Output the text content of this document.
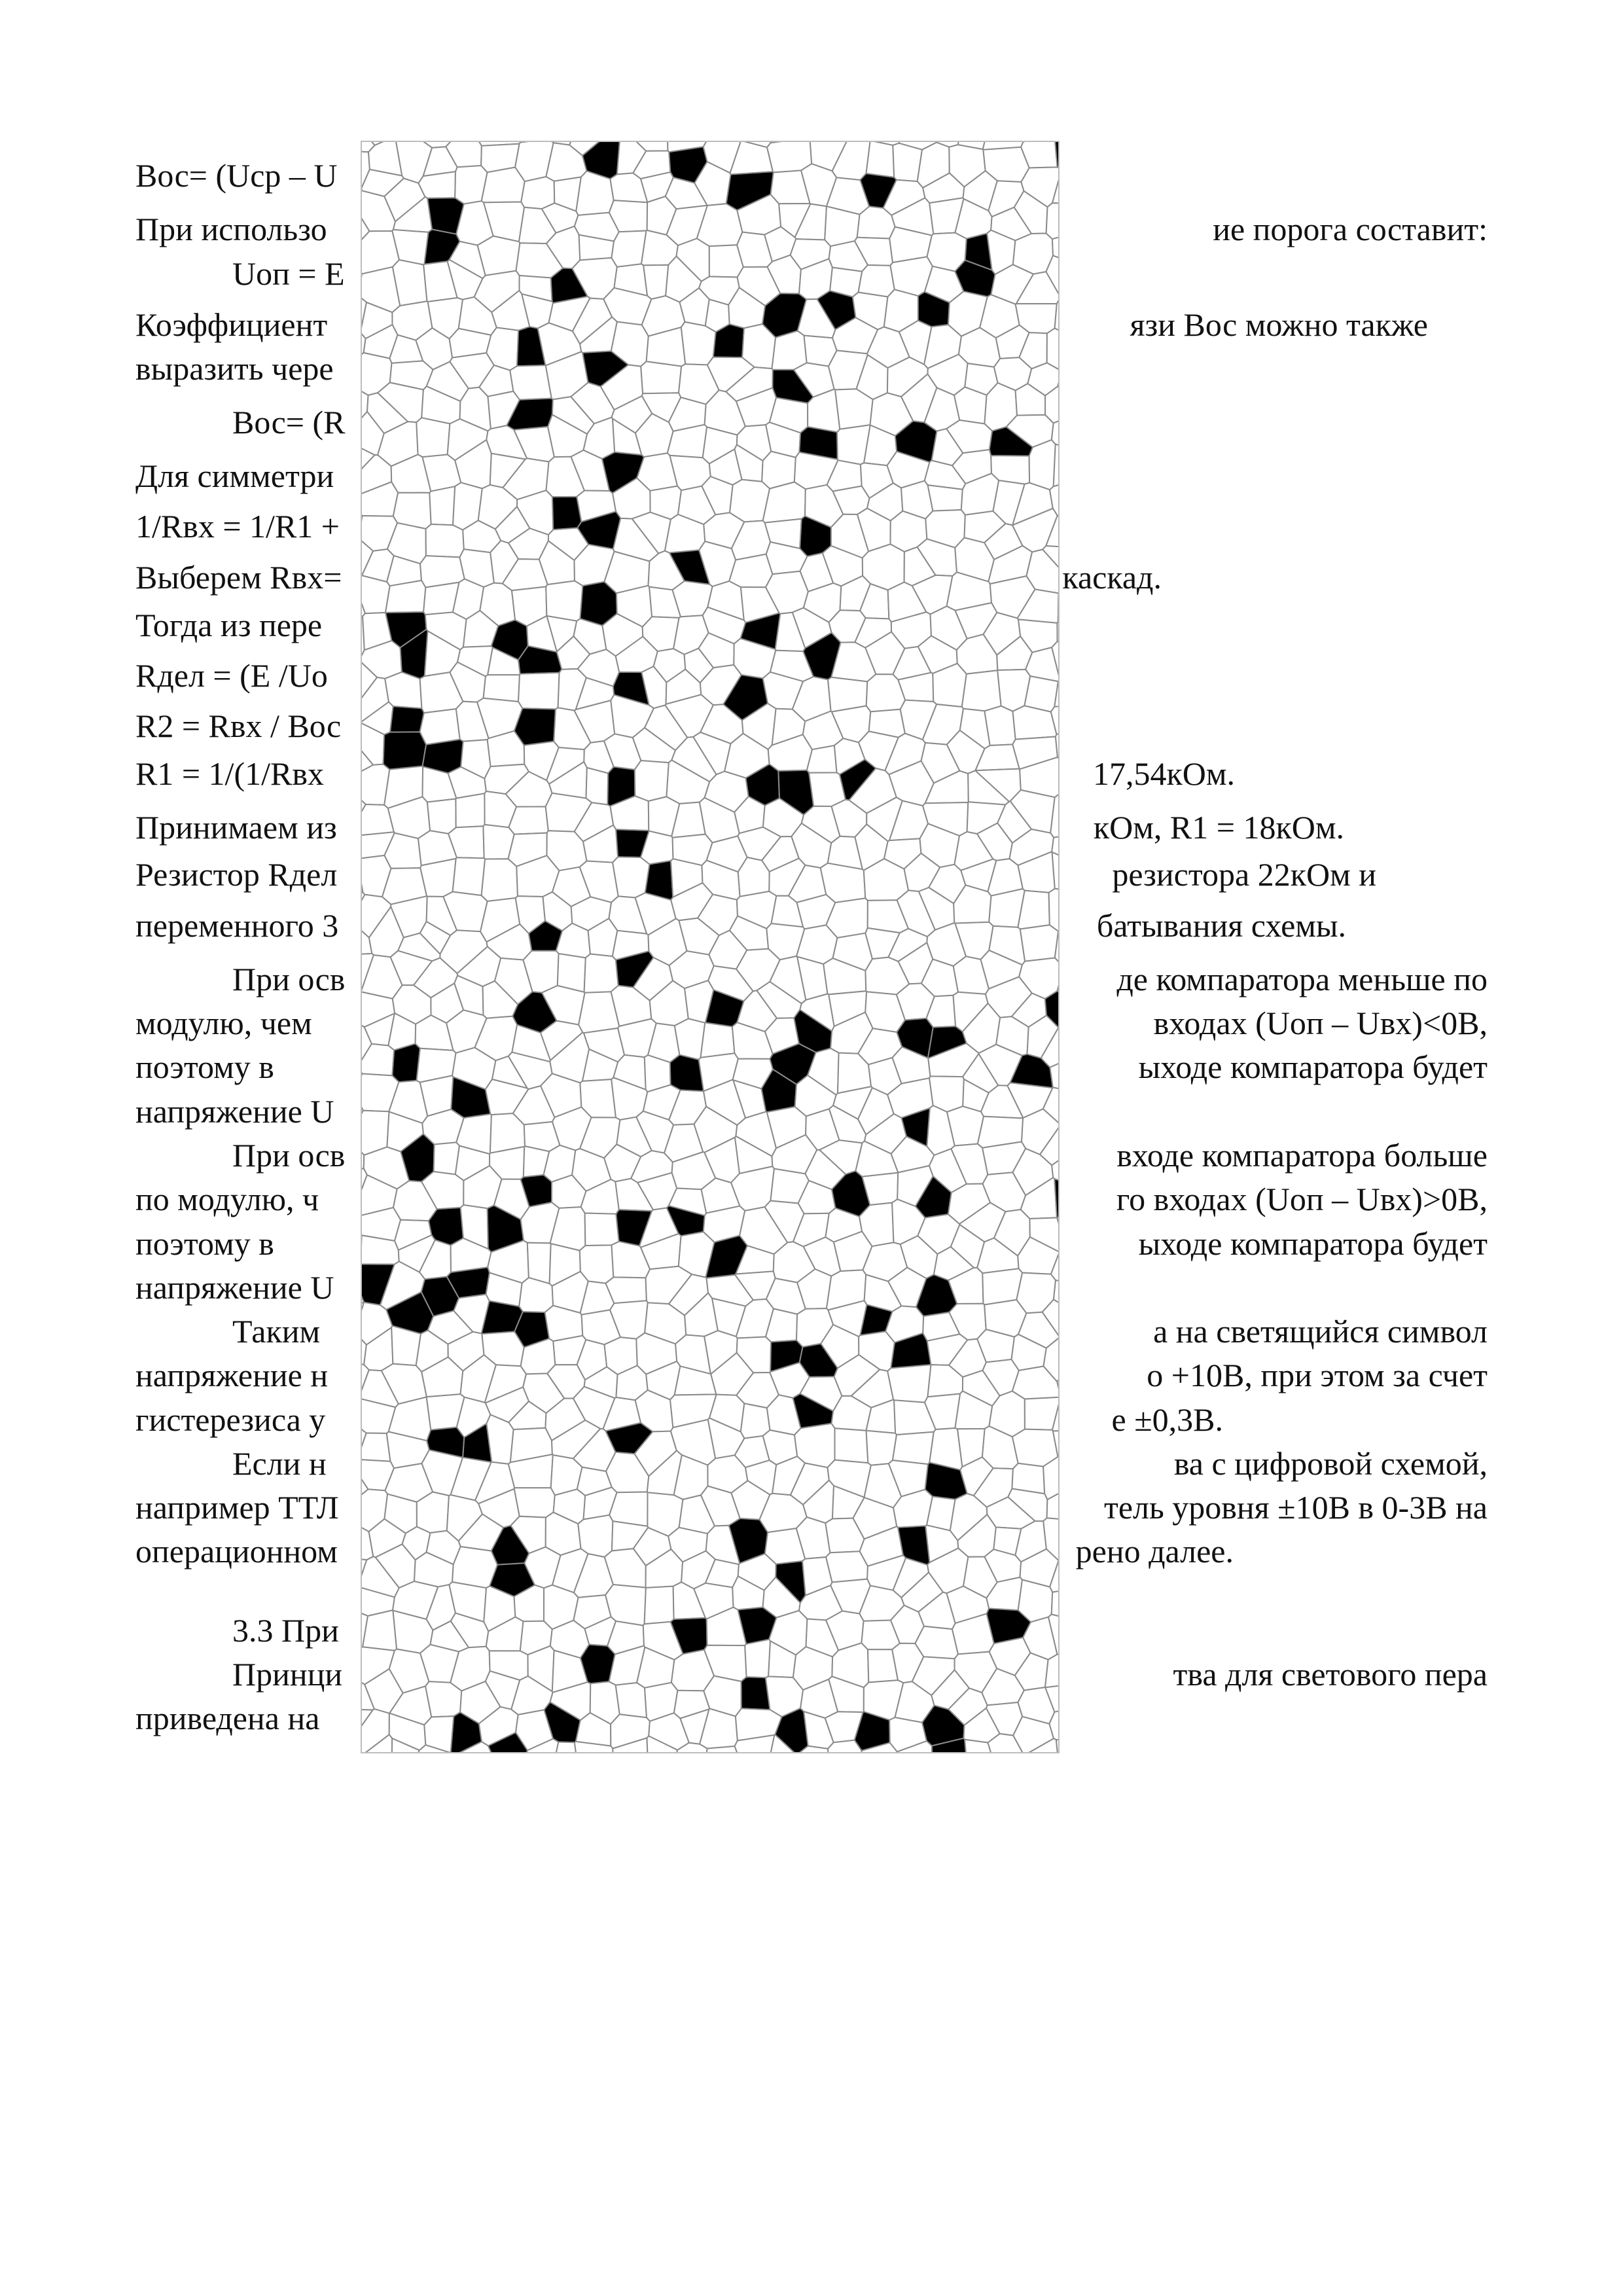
Вос= (Uср – U
При использо
Uоп = E
Коэффициент
выразить чере
Вос= (R
Для симметри
1/Rвх = 1/R1 +
Выберем Rвх=
Тогда из пере
Rдел = (E /Uо
R2 = Rвх / Вос
R1 = 1/(1/Rвх
Принимаем из
Резистор Rдел
переменного 3
При осв
модулю, чем
поэтому в
напряжение U
При осв
по модулю, ч
поэтому в
напряжение U
Таким
напряжение н
гистерезиса у
Если н
например ТТЛ
операционном
3.3 При
Принци
приведена на
ие порога составит:
язи Вос можно также
каскад.
17,54кОм.
кОм, R1 = 18кОм.
резистора 22кОм и
батывания схемы.
де компаратора меньше по
входах (Uоп – Uвх)<0В,
ыходе компаратора будет
входе компаратора больше
го входах (Uоп – Uвх)>0В,
ыходе компаратора будет
а на светящийся символ
о +10В, при этом за счет
е ±0,3В.
ва с цифровой схемой,
тель уровня ±10В в 0-3В на
рено далее.
тва для светового пера
